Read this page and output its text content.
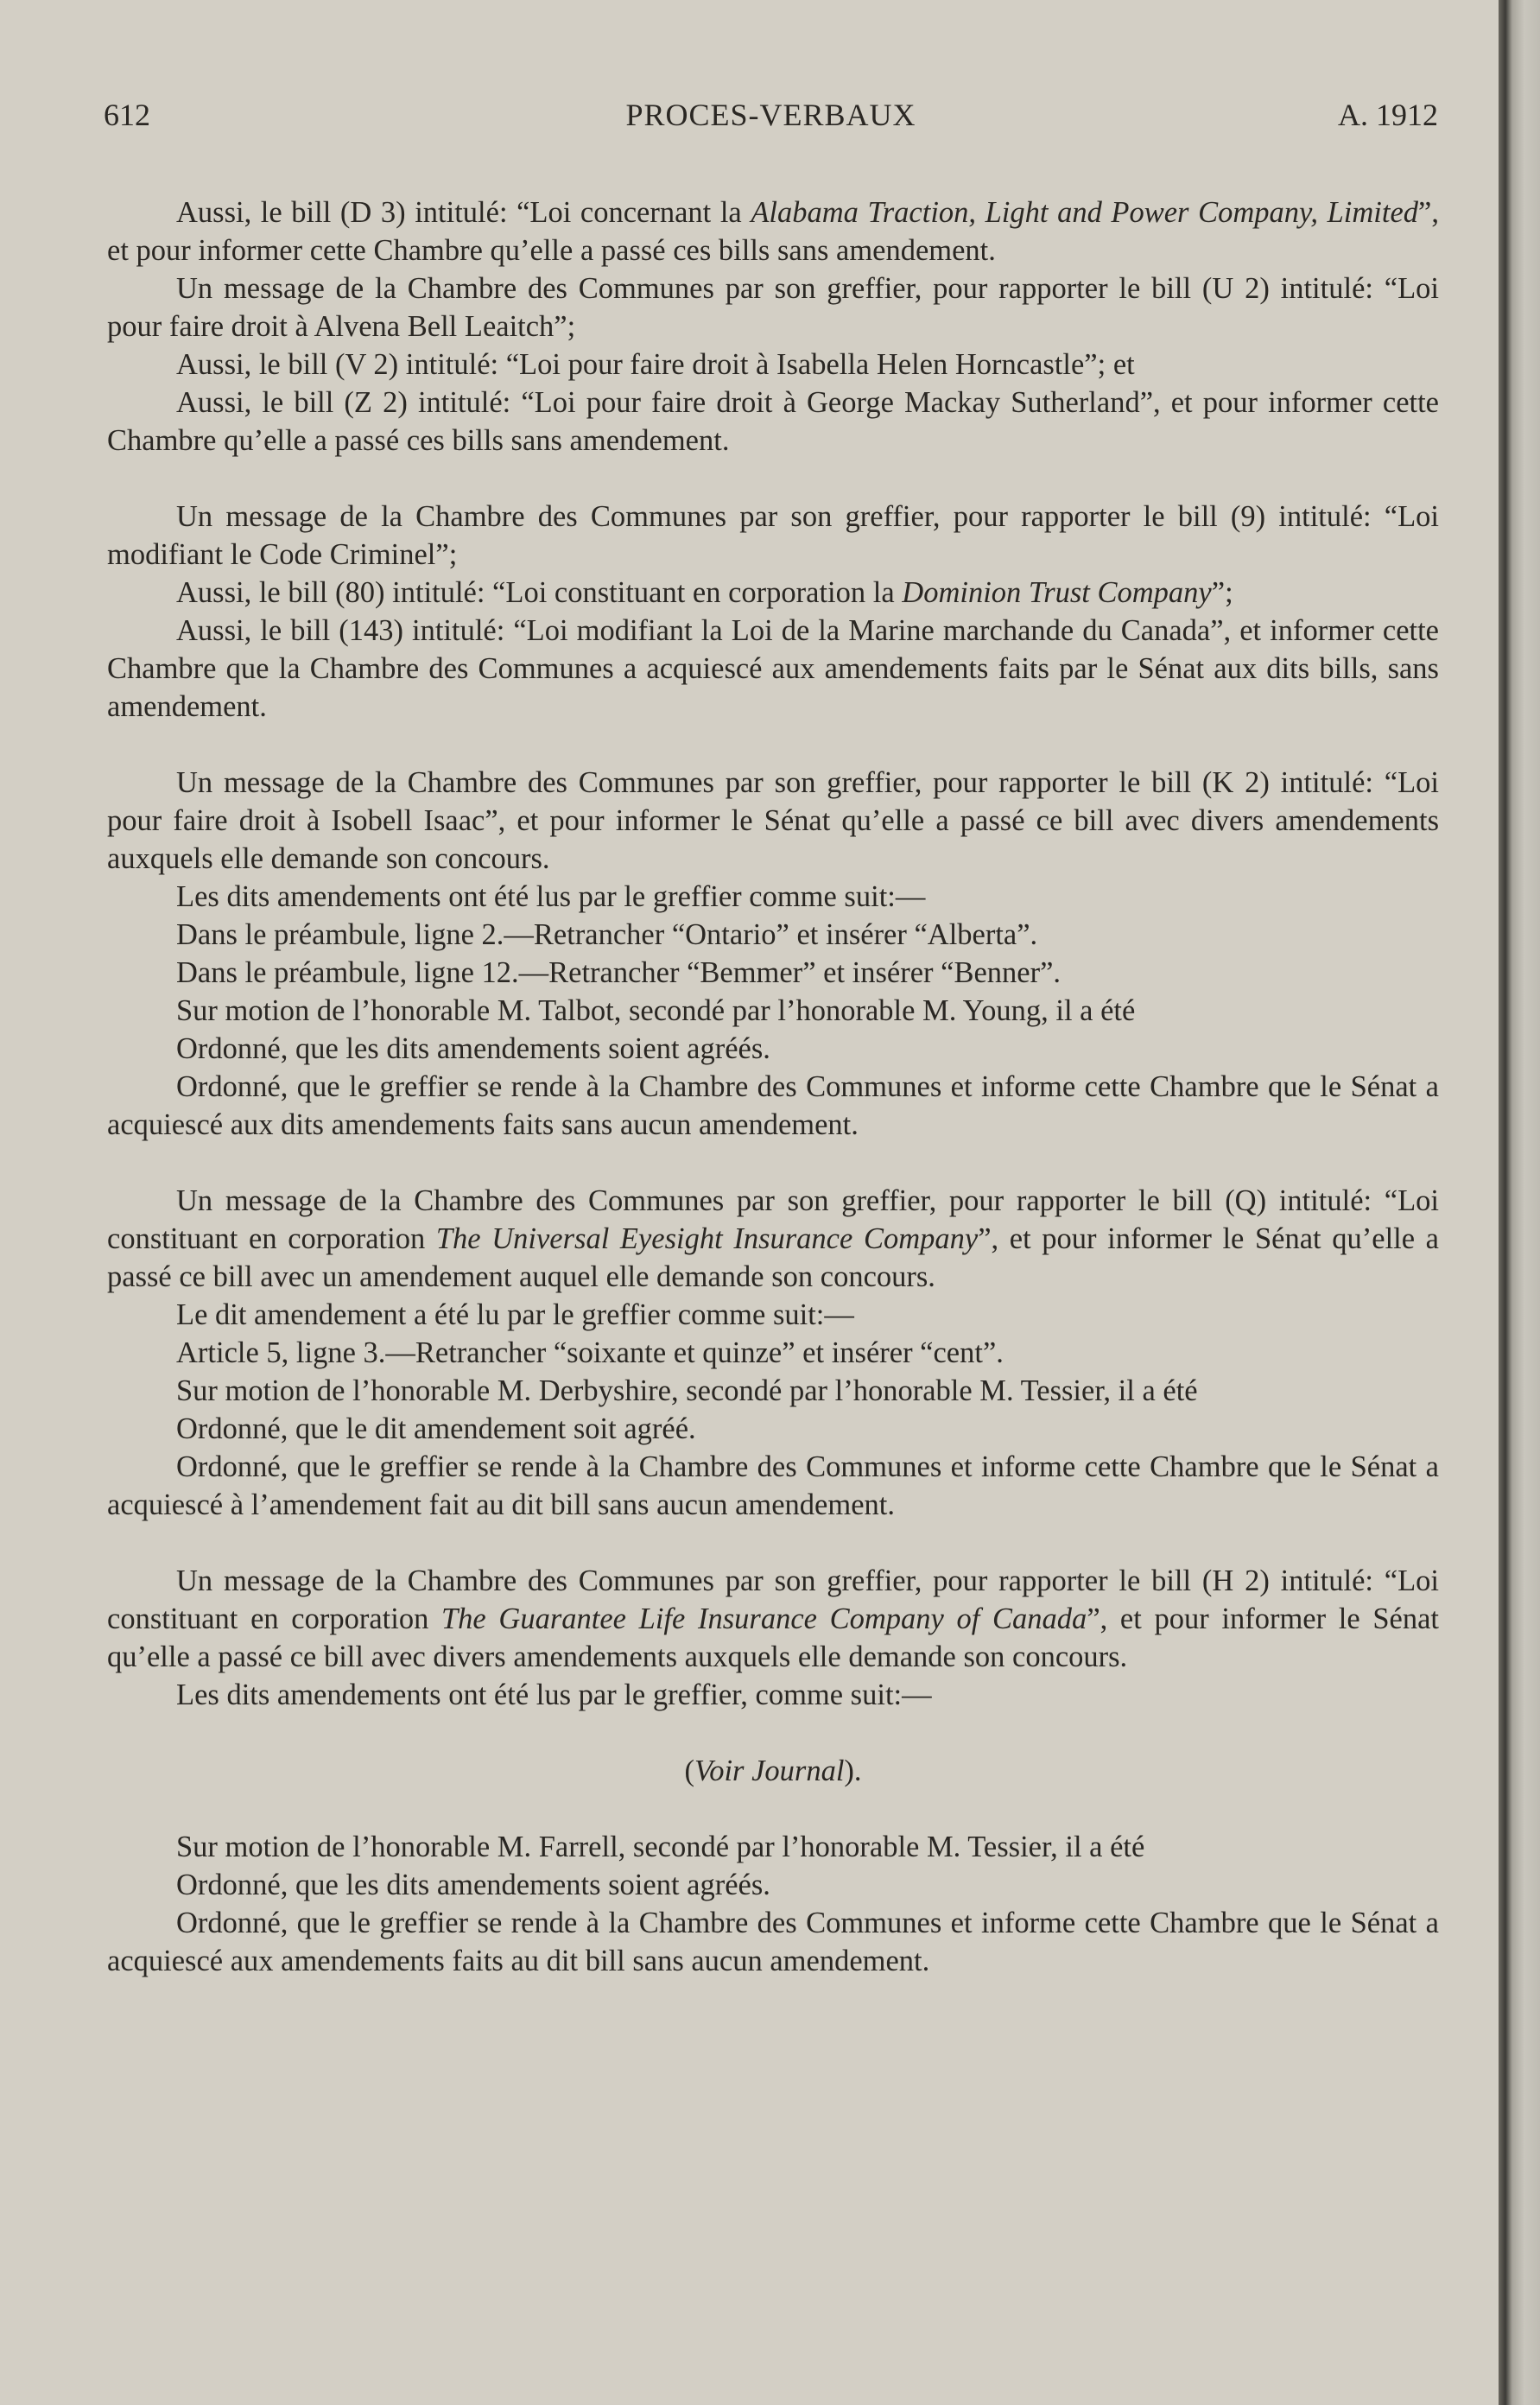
PROCES-VERBAUX
612	A. 1912

Aussi, le bill (D 3) intitulé: “Loi concernant la Alabama Traction, Light and Power Company, Limited”, et pour informer cette Chambre qu’elle a passé ces bills sans amendement.

Un message de la Chambre des Communes par son greffier, pour rapporter le bill (U 2) intitulé: “Loi pour faire droit à Alvena Bell Leaitch”;

Aussi, le bill (V 2) intitulé: “Loi pour faire droit à Isabella Helen Horncastle”; et

Aussi, le bill (Z 2) intitulé: “Loi pour faire droit à George Mackay Sutherland”, et pour informer cette Chambre qu’elle a passé ces bills sans amendement.

Un message de la Chambre des Communes par son greffier, pour rapporter le bill (9) intitulé: “Loi modifiant le Code Criminel”;

Aussi, le bill (80) intitulé: “Loi constituant en corporation la Dominion Trust Company”;

Aussi, le bill (143) intitulé: “Loi modifiant la Loi de la Marine marchande du Canada”, et informer cette Chambre que la Chambre des Communes a acquiescé aux amendements faits par le Sénat aux dits bills, sans amendement.

Un message de la Chambre des Communes par son greffier, pour rapporter le bill (K 2) intitulé: “Loi pour faire droit à Isobell Isaac”, et pour informer le Sénat qu’elle a passé ce bill avec divers amendements auxquels elle demande son concours.

Les dits amendements ont été lus par le greffier comme suit:—

Dans le préambule, ligne 2.—Retrancher “Ontario” et insérer “Alberta”.

Dans le préambule, ligne 12.—Retrancher “Bemmer” et insérer “Benner”.

Sur motion de l’honorable M. Talbot, secondé par l’honorable M. Young, il a été

Ordonné, que les dits amendements soient agréés.

Ordonné, que le greffier se rende à la Chambre des Communes et informe cette Chambre que le Sénat a acquiescé aux dits amendements faits sans aucun amendement.

Un message de la Chambre des Communes par son greffier, pour rapporter le bill (Q) intitulé: “Loi constituant en corporation The Universal Eyesight Insurance Company”, et pour informer le Sénat qu’elle a passé ce bill avec un amendement auquel elle demande son concours.

Le dit amendement a été lu par le greffier comme suit:—

Article 5, ligne 3.—Retrancher “soixante et quinze” et insérer “cent”.

Sur motion de l’honorable M. Derbyshire, secondé par l’honorable M. Tessier, il a été

Ordonné, que le dit amendement soit agréé.

Ordonné, que le greffier se rende à la Chambre des Communes et informe cette Chambre que le Sénat a acquiescé à l’amendement fait au dit bill sans aucun amendement.

Un message de la Chambre des Communes par son greffier, pour rapporter le bill (H 2) intitulé: “Loi constituant en corporation The Guarantee Life Insurance Company of Canada”, et pour informer le Sénat qu’elle a passé ce bill avec divers amendements auxquels elle demande son concours.

Les dits amendements ont été lus par le greffier, comme suit:—

(Voir Journal).

Sur motion de l’honorable M. Farrell, secondé par l’honorable M. Tessier, il a été

Ordonné, que les dits amendements soient agréés.

Ordonné, que le greffier se rende à la Chambre des Communes et informe cette Chambre que le Sénat a acquiescé aux amendements faits au dit bill sans aucun amendement.
